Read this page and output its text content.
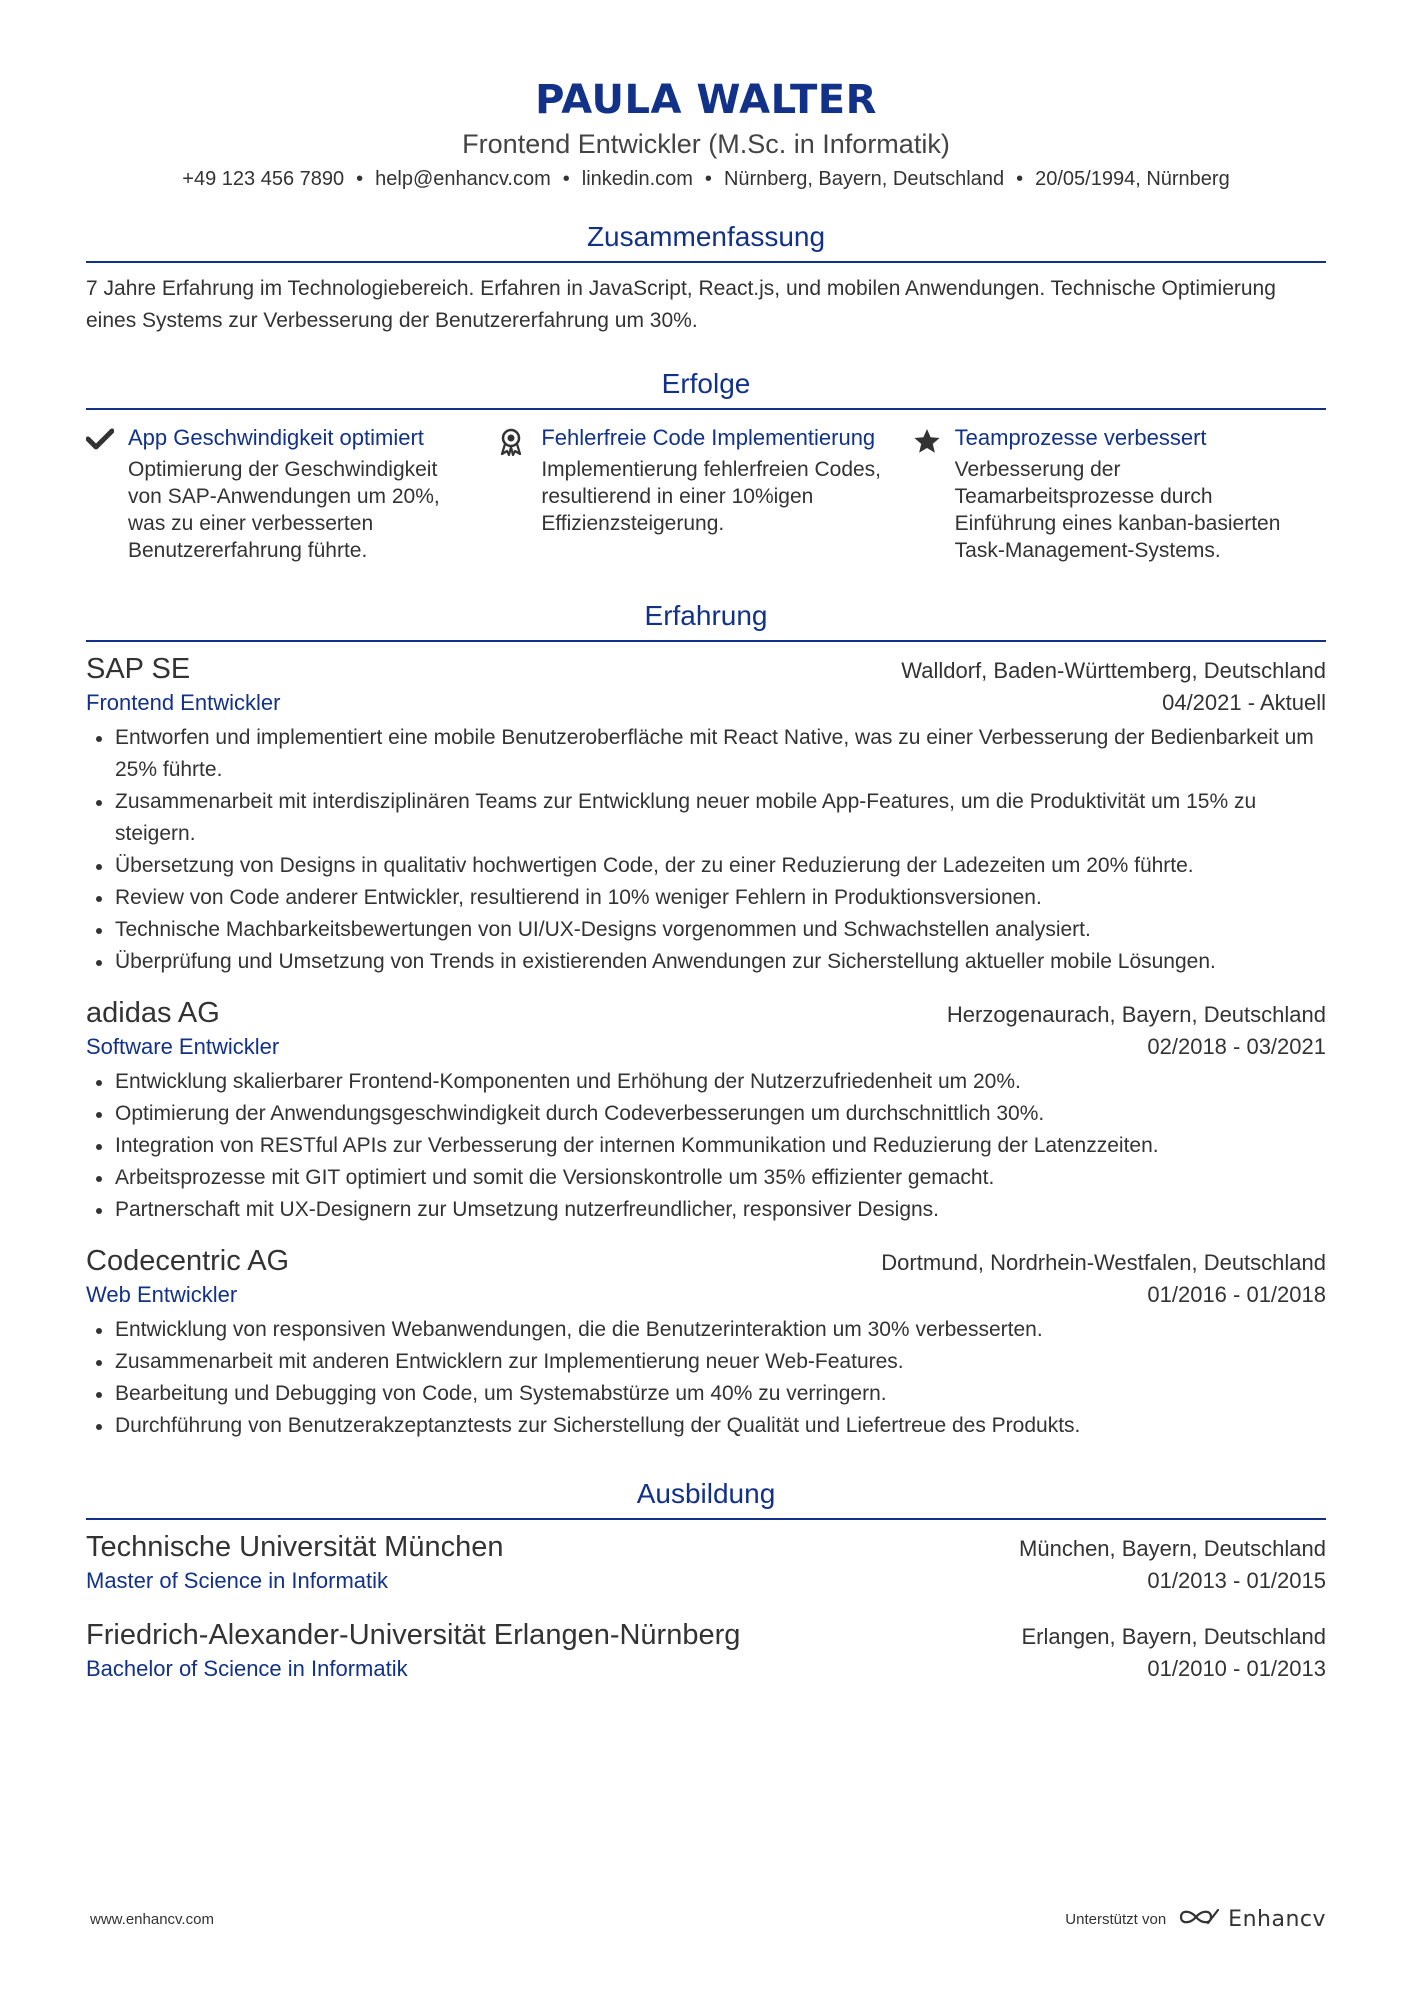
PAULA WALTER
Frontend Entwickler (M.Sc. in Informatik)
+49 123 456 7890 • help@enhancv.com • linkedin.com • Nürnberg, Bayern, Deutschland • 20/05/1994, Nürnberg
Zusammenfassung
7 Jahre Erfahrung im Technologiebereich. Erfahren in JavaScript, React.js, und mobilen Anwendungen. Technische Optimierung eines Systems zur Verbesserung der Benutzererfahrung um 30%.
Erfolge
App Geschwindigkeit optimiert
Optimierung der Geschwindigkeit von SAP-Anwendungen um 20%, was zu einer verbesserten Benutzererfahrung führte.
Fehlerfreie Code Implementierung
Implementierung fehlerfreien Codes, resultierend in einer 10%igen Effizienzsteigerung.
Teamprozesse verbessert
Verbesserung der Teamarbeitsprozesse durch Einführung eines kanban-basierten Task-Management-Systems.
Erfahrung
SAP SE	Walldorf, Baden-Württemberg, Deutschland
Frontend Entwickler	04/2021 - Aktuell
Entworfen und implementiert eine mobile Benutzeroberfläche mit React Native, was zu einer Verbesserung der Bedienbarkeit um 25% führte.
Zusammenarbeit mit interdisziplinären Teams zur Entwicklung neuer mobile App-Features, um die Produktivität um 15% zu steigern.
Übersetzung von Designs in qualitativ hochwertigen Code, der zu einer Reduzierung der Ladezeiten um 20% führte.
Review von Code anderer Entwickler, resultierend in 10% weniger Fehlern in Produktionsversionen.
Technische Machbarkeitsbewertungen von UI/UX-Designs vorgenommen und Schwachstellen analysiert.
Überprüfung und Umsetzung von Trends in existierenden Anwendungen zur Sicherstellung aktueller mobile Lösungen.
adidas AG	Herzogenaurach, Bayern, Deutschland
Software Entwickler	02/2018 - 03/2021
Entwicklung skalierbarer Frontend-Komponenten und Erhöhung der Nutzerzufriedenheit um 20%.
Optimierung der Anwendungsgeschwindigkeit durch Codeverbesserungen um durchschnittlich 30%.
Integration von RESTful APIs zur Verbesserung der internen Kommunikation und Reduzierung der Latenzzeiten.
Arbeitsprozesse mit GIT optimiert und somit die Versionskontrolle um 35% effizienter gemacht.
Partnerschaft mit UX-Designern zur Umsetzung nutzerfreundlicher, responsiver Designs.
Codecentric AG	Dortmund, Nordrhein-Westfalen, Deutschland
Web Entwickler	01/2016 - 01/2018
Entwicklung von responsiven Webanwendungen, die die Benutzerinteraktion um 30% verbesserten.
Zusammenarbeit mit anderen Entwicklern zur Implementierung neuer Web-Features.
Bearbeitung und Debugging von Code, um Systemabstürze um 40% zu verringern.
Durchführung von Benutzerakzeptanztests zur Sicherstellung der Qualität und Liefertreue des Produkts.
Ausbildung
Technische Universität München	München, Bayern, Deutschland
Master of Science in Informatik	01/2013 - 01/2015
Friedrich-Alexander-Universität Erlangen-Nürnberg	Erlangen, Bayern, Deutschland
Bachelor of Science in Informatik	01/2010 - 01/2013
www.enhancv.com	Unterstützt von	Enhancv
